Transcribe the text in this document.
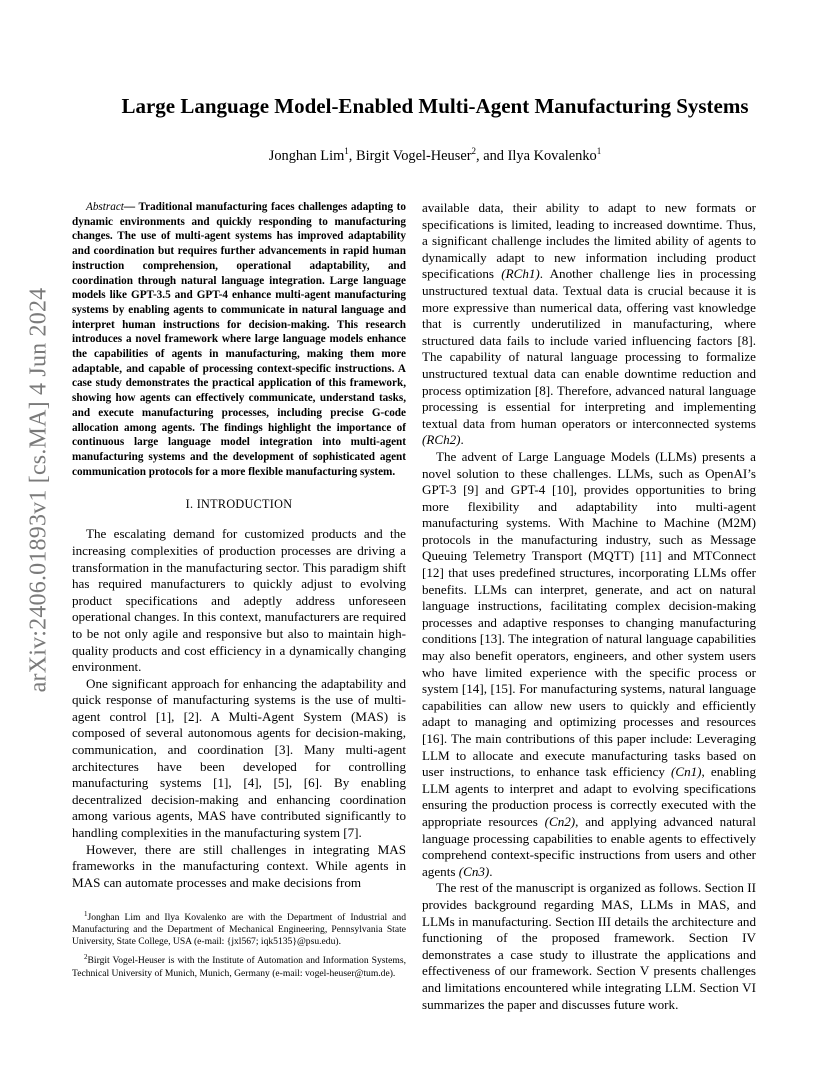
arXiv:2406.01893v1 [cs.MA] 4 Jun 2024
Large Language Model-Enabled Multi-Agent Manufacturing Systems
Jonghan Lim$^1$, Birgit Vogel-Heuser$^2$, and Ilya Kovalenko$^1$

Abstract— Traditional manufacturing faces challenges adapting to dynamic environments and quickly responding to manufacturing changes. The use of multi-agent systems has improved adaptability and coordination but requires further advancements in rapid human instruction comprehension, operational adaptability, and coordination through natural language integration. Large language models like GPT-3.5 and GPT-4 enhance multi-agent manufacturing systems by enabling agents to communicate in natural language and interpret human instructions for decision-making. This research introduces a novel framework where large language models enhance the capabilities of agents in manufacturing, making them more adaptable, and capable of processing context-specific instructions. A case study demonstrates the practical application of this framework, showing how agents can effectively communicate, understand tasks, and execute manufacturing processes, including precise G-code allocation among agents. The findings highlight the importance of continuous large language model integration into multi-agent manufacturing systems and the development of sophisticated agent communication protocols for a more flexible manufacturing system.

I. INTRODUCTION

The escalating demand for customized products and the increasing complexities of production processes are driving a transformation in the manufacturing sector. This paradigm shift has required manufacturers to quickly adjust to evolving product specifications and adeptly address unforeseen operational changes. In this context, manufacturers are required to be not only agile and responsive but also to maintain high-quality products and cost efficiency in a dynamically changing environment.

One significant approach for enhancing the adaptability and quick response of manufacturing systems is the use of multi-agent control [1], [2]. A Multi-Agent System (MAS) is composed of several autonomous agents for decision-making, communication, and coordination [3]. Many multi-agent architectures have been developed for controlling manufacturing systems [1], [4], [5], [6]. By enabling decentralized decision-making and enhancing coordination among various agents, MAS have contributed significantly to handling complexities in the manufacturing system [7].

However, there are still challenges in integrating MAS frameworks in the manufacturing context. While agents in MAS can automate processes and make decisions from

$^1$Jonghan Lim and Ilya Kovalenko are with the Department of Industrial and Manufacturing and the Department of Mechanical Engineering, Pennsylvania State University, State College, USA (e-mail: {jxl567; iqk5135}@psu.edu).

$^2$Birgit Vogel-Heuser is with the Institute of Automation and Information Systems, Technical University of Munich, Munich, Germany (e-mail: vogel-heuser@tum.de).

available data, their ability to adapt to new formats or specifications is limited, leading to increased downtime. Thus, a significant challenge includes the limited ability of agents to dynamically adapt to new information including product specifications (RCh1). Another challenge lies in processing unstructured textual data. Textual data is crucial because it is more expressive than numerical data, offering vast knowledge that is currently underutilized in manufacturing, where structured data fails to include varied influencing factors [8]. The capability of natural language processing to formalize unstructured textual data can enable downtime reduction and process optimization [8]. Therefore, advanced natural language processing is essential for interpreting and implementing textual data from human operators or interconnected systems (RCh2).

The advent of Large Language Models (LLMs) presents a novel solution to these challenges. LLMs, such as OpenAI’s GPT-3 [9] and GPT-4 [10], provides opportunities to bring more flexibility and adaptability into multi-agent manufacturing systems. With Machine to Machine (M2M) protocols in the manufacturing industry, such as Message Queuing Telemetry Transport (MQTT) [11] and MTConnect [12] that uses predefined structures, incorporating LLMs offer benefits. LLMs can interpret, generate, and act on natural language instructions, facilitating complex decision-making processes and adaptive responses to changing manufacturing conditions [13]. The integration of natural language capabilities may also benefit operators, engineers, and other system users who have limited experience with the specific process or system [14], [15]. For manufacturing systems, natural language capabilities can allow new users to quickly and efficiently adapt to managing and optimizing processes and resources [16]. The main contributions of this paper include: Leveraging LLM to allocate and execute manufacturing tasks based on user instructions, to enhance task efficiency (Cn1), enabling LLM agents to interpret and adapt to evolving specifications ensuring the production process is correctly executed with the appropriate resources (Cn2), and applying advanced natural language processing capabilities to enable agents to effectively comprehend context-specific instructions from users and other agents (Cn3).

The rest of the manuscript is organized as follows. Section II provides background regarding MAS, LLMs in MAS, and LLMs in manufacturing. Section III details the architecture and functioning of the proposed framework. Section IV demonstrates a case study to illustrate the applications and effectiveness of our framework. Section V presents challenges and limitations encountered while integrating LLM. Section VI summarizes the paper and discusses future work.
